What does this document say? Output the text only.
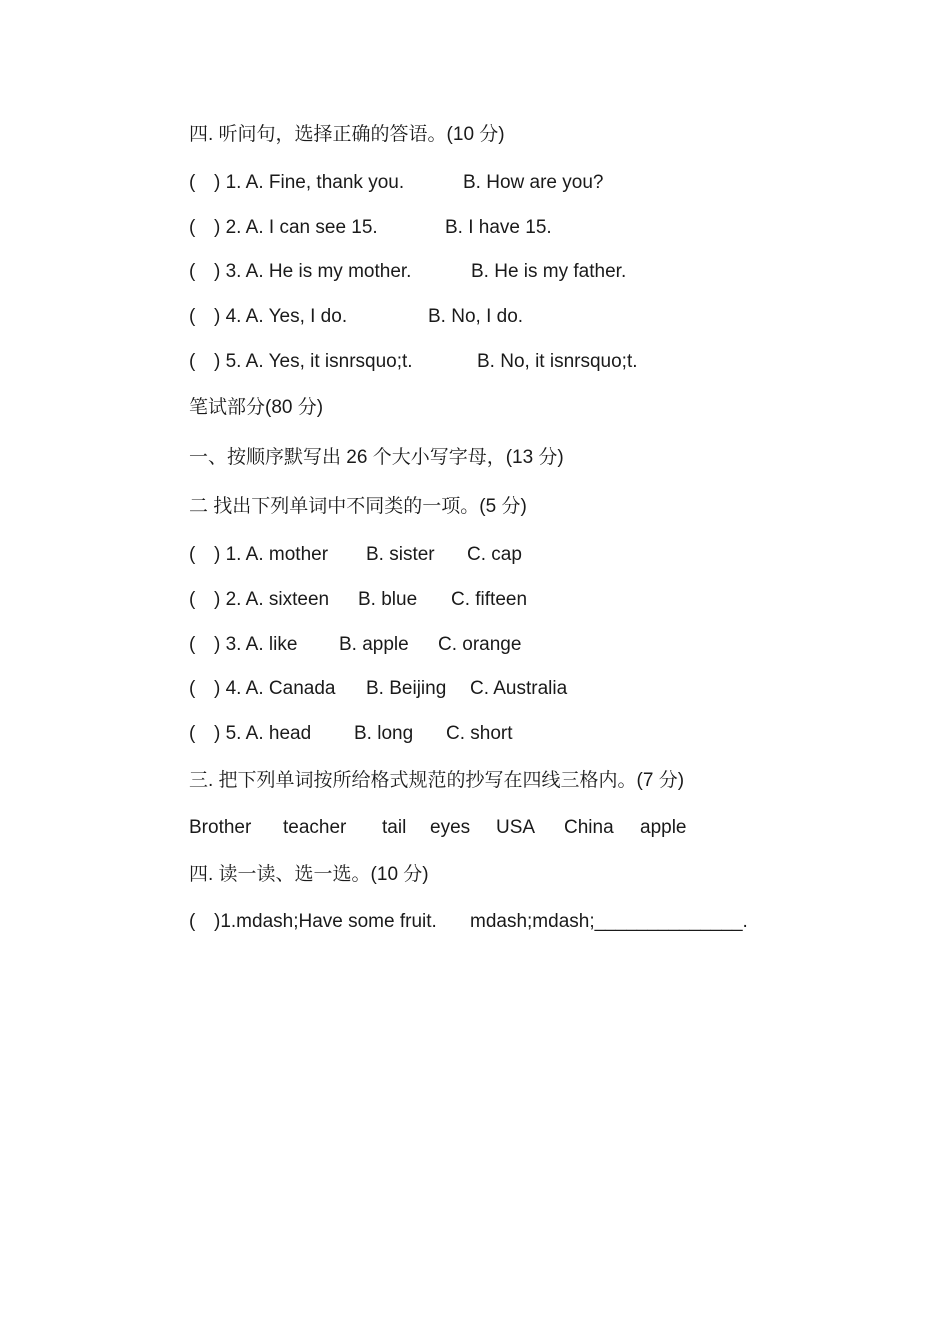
四. 听问句，选择正确的答语。(10 分)

(

) 1. A. Fine, thank you.

	B. How are you?

(

) 2. A. I can see 15.

	B. I have 15.

(

) 3. A. He is my mother.

	B. He is my father.

(

) 4. A. Yes, I do.

	B. No, I do.

(

) 5. A. Yes, it isnrsquo;t.

	B. No, it isnrsquo;t.

笔试部分(80 分)
一、按顺序默写出 26 个大小写字母，(13 分)
二 找出下列单词中不同类的一项。(5 分)

(

) 1. A. mother

B. sister

C. cap

(

) 2. A. sixteen

B. blue

C. fifteen

(

) 3. A. like

B. apple

C. orange

(

) 4. A. Canada

B. Beijing

C. Australia

(

) 5. A. head

B. long

C. short

三. 把下列单词按所给格式规范的抄写在四线三格内。(7 分)

Brother

teacher

tail

eyes

USA

China

apple

四. 读一读、选一选。(10 分)

(

)1.mdash;Have some fruit.

mdash;mdash;______________.
